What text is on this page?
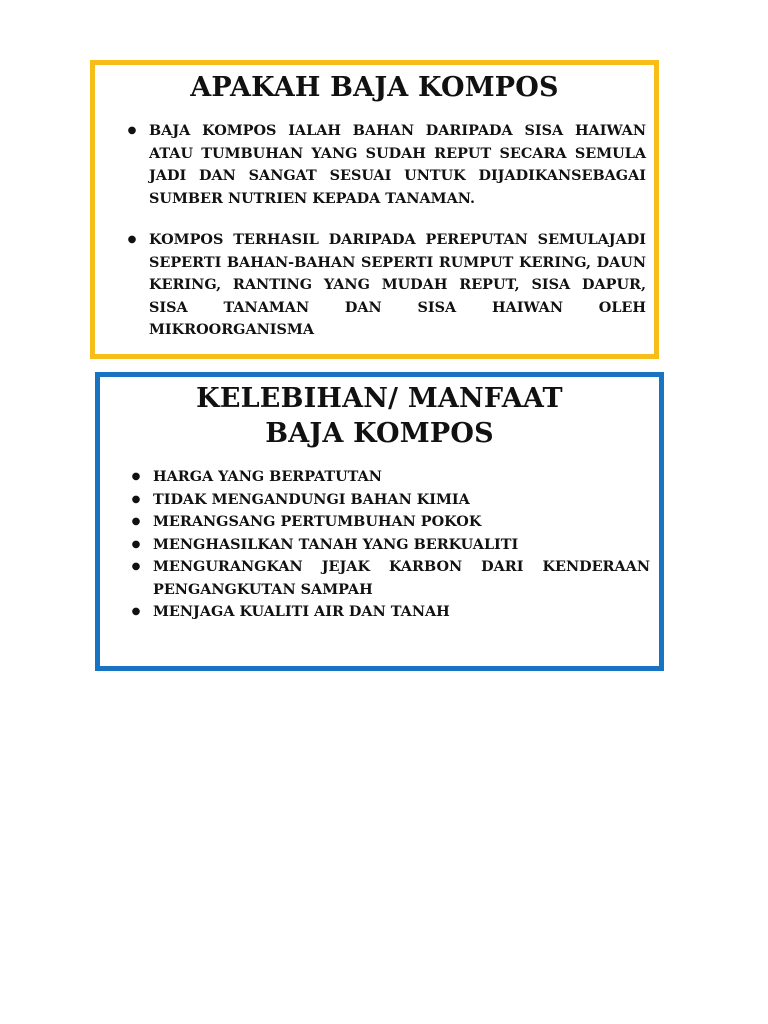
APAKAH BAJA KOMPOS
● BAJA KOMPOS IALAH BAHAN DARIPADA SISA HAIWAN ATAU TUMBUHAN YANG SUDAH REPUT SECARA SEMULA JADI DAN SANGAT SESUAI UNTUK DIJADIKANSEBAGAI SUMBER NUTRIEN KEPADA TANAMAN.
● KOMPOS TERHASIL DARIPADA PEREPUTAN SEMULAJADI SEPERTI BAHAN-BAHAN SEPERTI RUMPUT KERING, DAUN KERING, RANTING YANG MUDAH REPUT, SISA DAPUR, SISA TANAMAN DAN SISA HAIWAN OLEH MIKROORGANISMA
KELEBIHAN/ MANFAAT
BAJA KOMPOS
● HARGA YANG BERPATUTAN
● TIDAK MENGANDUNGI BAHAN KIMIA
● MERANGSANG PERTUMBUHAN POKOK
● MENGHASILKAN TANAH YANG BERKUALITI
● MENGURANGKAN JEJAK KARBON DARI KENDERAAN PENGANGKUTAN SAMPAH
● MENJAGA KUALITI AIR DAN TANAH
